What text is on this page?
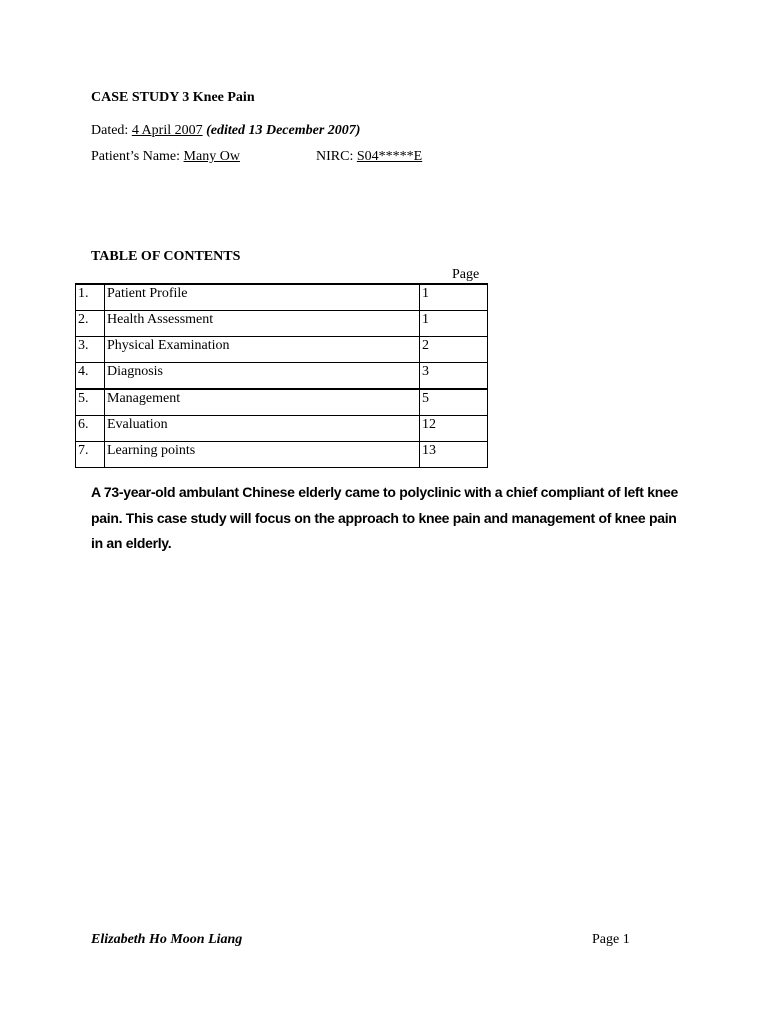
CASE STUDY 3 Knee Pain
Dated: 4 April 2007 (edited 13 December 2007)
Patient’s Name: Many Ow	NIRC: S04*****E
TABLE OF CONTENTS
Page
1.	Patient Profile	1
2.	Health Assessment	1
3.	Physical Examination	2
4.	Diagnosis	3
5.	Management	5
6.	Evaluation	12
7.	Learning points	13
A 73-year-old ambulant Chinese elderly came to polyclinic with a chief compliant of left knee pain. This case study will focus on the approach to knee pain and management of knee pain in an elderly.
Elizabeth Ho Moon Liang	Page 1
